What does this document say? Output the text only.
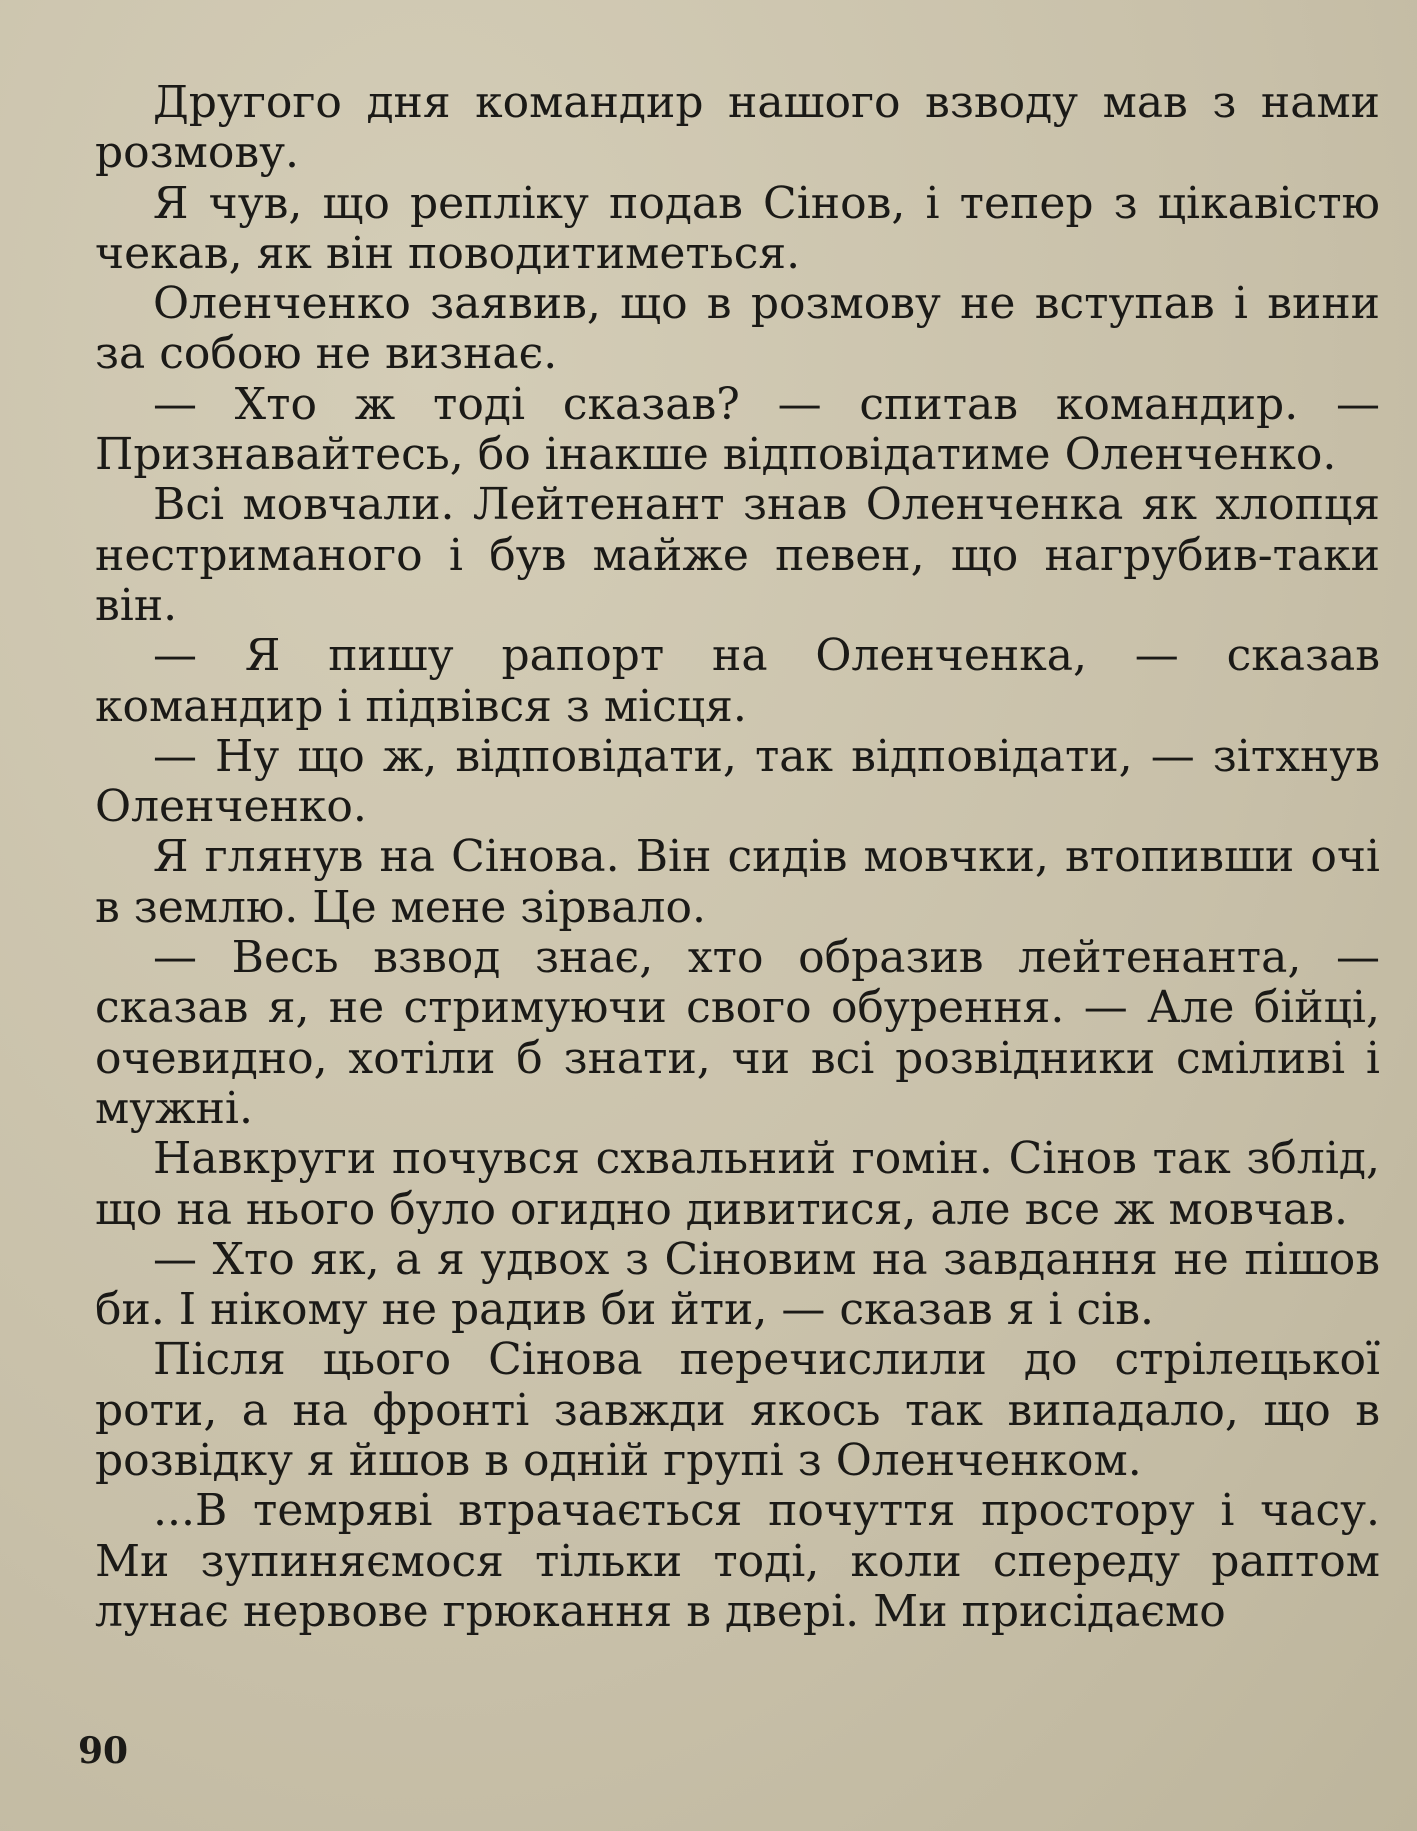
Другого дня командир нашого взводу мав з нами розмову.

Я чув, що репліку подав Сінов, і тепер з цікавістю чекав, як він поводитиметься.

Оленченко заявив, що в розмову не вступав і вини за собою не визнає.

— Хто ж тоді сказав? — спитав командир. — Признавайтесь, бо інакше відповідатиме Оленченко.

Всі мовчали. Лейтенант знав Оленченка як хлопця нестриманого і був майже певен, що нагрубив-таки він.

— Я пишу рапорт на Оленченка, — сказав командир і підвівся з місця.

— Ну що ж, відповідати, так відповідати, — зітхнув Оленченко.

Я глянув на Сінова. Він сидів мовчки, втопивши очі в землю. Це мене зірвало.

— Весь взвод знає, хто образив лейтенанта, — сказав я, не стримуючи свого обурення. — Але бійці, очевидно, хотіли б знати, чи всі розвідники сміливі і мужні.

Навкруги почувся схвальний гомін. Сінов так зблід, що на нього було огидно дивитися, але все ж мовчав.

— Хто як, а я удвох з Сіновим на завдання не пішов би. І нікому не радив би йти, — сказав я і сів.

Після цього Сінова перечислили до стрілецької роти, а на фронті завжди якось так випадало, що в розвідку я йшов в одній групі з Оленченком.

...В темряві втрачається почуття простору і часу. Ми зупиняємося тільки тоді, коли спереду раптом лунає нервове грюкання в двері. Ми присідаємо

90
